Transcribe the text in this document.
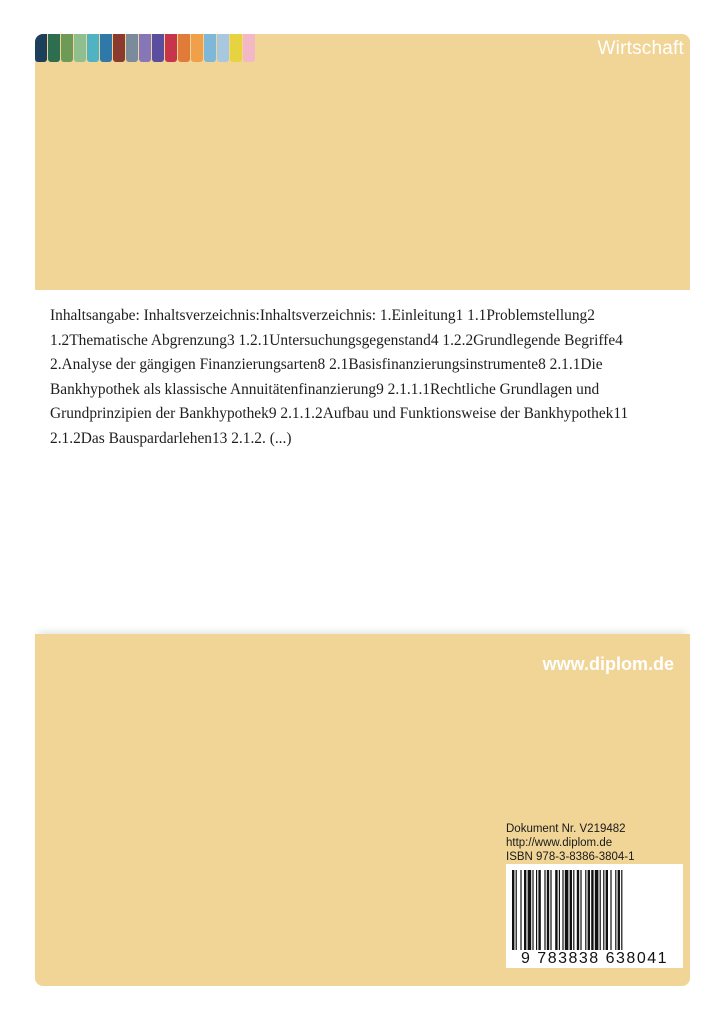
Wirtschaft

Inhaltsangabe: Inhaltsverzeichnis:Inhaltsverzeichnis: 1.Einleitung1 1.1Problemstellung2 1.2Thematische Abgrenzung3 1.2.1Untersuchungsgegenstand4 1.2.2Grundlegende Begriffe4 2.Analyse der gängigen Finanzierungsarten8 2.1Basisfinanzierungsinstrumente8 2.1.1Die Bankhypothek als klassische Annuitätenfinanzierung9 2.1.1.1Rechtliche Grundlagen und Grundprinzipien der Bankhypothek9 2.1.1.2Aufbau und Funktionsweise der Bankhypothek11 2.1.2Das Bauspardarlehen13 2.1.2. (...)

www.diplom.de
Dokument Nr. V219482
http://www.diplom.de
ISBN 978-3-8386-3804-1
9 783838 638041
